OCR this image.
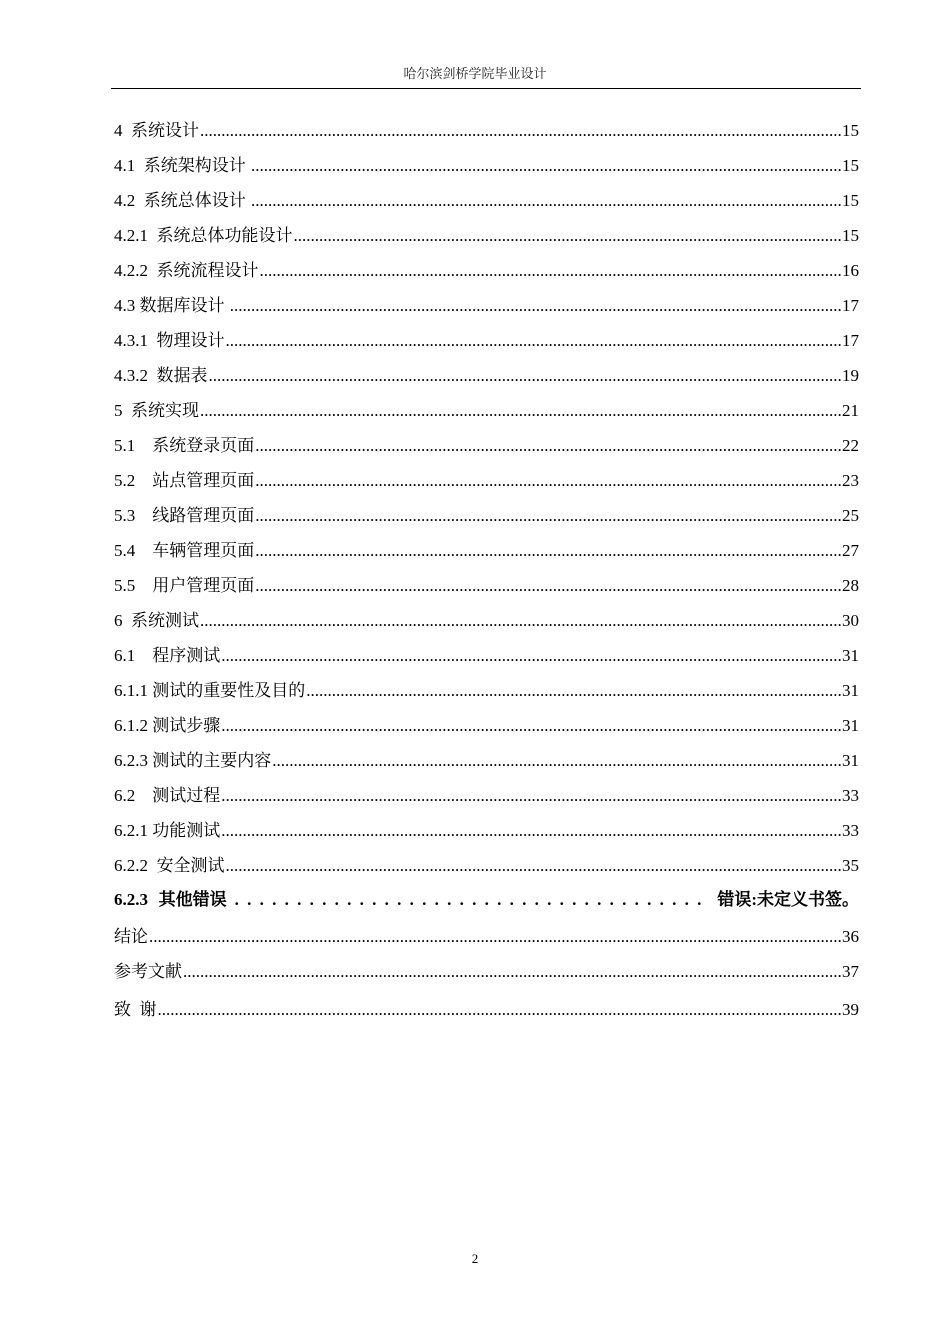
哈尔滨剑桥学院毕业设计
4 系统设计 .....	15
4.1 系统架构设计 .....	15
4.2 系统总体设计 .....	15
4.2.1 系统总体功能设计 .....	15
4.2.2 系统流程设计 .....	16
4.3 数据库设计 .....	17
4.3.1 物理设计 .....	17
4.3.2 数据表 .....	19
5 系统实现 .....	21
5.1 系统登录页面 .....	22
5.2 站点管理页面 .....	23
5.3 线路管理页面 .....	25
5.4 车辆管理页面 .....	27
5.5 用户管理页面 .....	28
6 系统测试 .....	30
6.1 程序测试 .....	31
6.1.1 测试的重要性及目的 .....	31
6.1.2 测试步骤 .....	31
6.2.3 测试的主要内容 .....	31
6.2 测试过程 .....	33
6.2.1 功能测试 .....	33
6.2.2 安全测试 .....	35
6.2.3 其他错误 . . .	错误:未定义书签。
结论 .....	36
参考文献 .....	37
致  谢 .....	39
2
